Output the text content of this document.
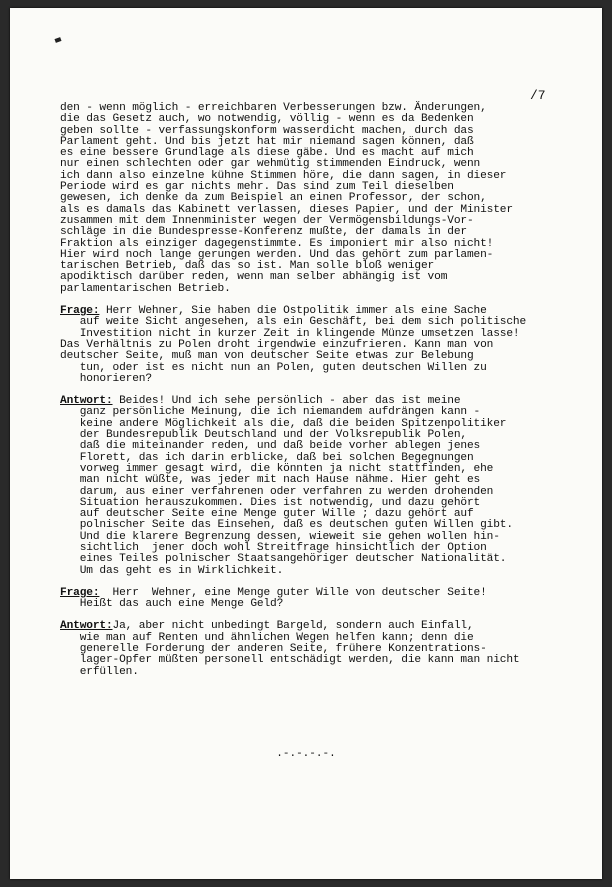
/7
den - wenn möglich - erreichbaren Verbesserungen bzw. Änderungen,
die das Gesetz auch, wo notwendig, völlig - wenn es da Bedenken
geben sollte - verfassungskonform wasserdicht machen, durch das
Parlament geht. Und bis jetzt hat mir niemand sagen können, daß
es eine bessere Grundlage als diese gäbe. Und es macht auf mich
nur einen schlechten oder gar wehmütig stimmenden Eindruck, wenn
ich dann also einzelne kühne Stimmen höre, die dann sagen, in dieser
Periode wird es gar nichts mehr. Das sind zum Teil dieselben
gewesen, ich denke da zum Beispiel an einen Professor, der schon,
als es damals das Kabinett verlassen, dieses Papier, und der Minister
zusammen mit dem Innenminister wegen der Vermögensbildungs-Vor-
schläge in die Bundespresse-Konferenz mußte, der damals in der
Fraktion als einziger dagegenstimmte. Es imponiert mir also nicht!
Hier wird noch lange gerungen werden. Und das gehört zum parlamen-
tarischen Betrieb, daß das so ist. Man solle bloß weniger
apodiktisch darüber reden, wenn man selber abhängig ist vom
parlamentarischen Betrieb.
Frage: Herr Wehner, Sie haben die Ostpolitik immer als eine Sache
auf weite Sicht angesehen, als ein Geschäft, bei dem sich politische
Investition nicht in kurzer Zeit in klingende Münze umsetzen lasse!
Das Verhältnis zu Polen droht irgendwie einzufrieren. Kann man von
deutscher Seite, muß man von deutscher Seite etwas zur Belebung
tun, oder ist es nicht nun an Polen, guten deutschen Willen zu
honorieren?
Antwort: Beides! Und ich sehe persönlich - aber das ist meine
ganz persönliche Meinung, die ich niemandem aufdrängen kann -
keine andere Möglichkeit als die, daß die beiden Spitzenpolitiker
der Bundesrepublik Deutschland und der Volksrepublik Polen,
daß die miteinander reden, und daß beide vorher ablegen jenes
Florett, das ich darin erblicke, daß bei solchen Begegnungen
vorweg immer gesagt wird, die könnten ja nicht stattfinden, ehe
man nicht wüßte, was jeder mit nach Hause nähme. Hier geht es
darum, aus einer verfahrenen oder verfahren zu werden drohenden
Situation herauszukommen. Dies ist notwendig, und dazu gehört
auf deutscher Seite eine Menge guter Wille ; dazu gehört auf
polnischer Seite das Einsehen, daß es deutschen guten Willen gibt.
Und die klarere Begrenzung dessen, wieweit sie gehen wollen hin-
sichtlich  jener doch wohl Streitfrage hinsichtlich der Option
eines Teiles polnischer Staatsangehöriger deutscher Nationalität.
Um das geht es in Wirklichkeit.
Frage:  Herr  Wehner, eine Menge guter Wille von deutscher Seite!
Heißt das auch eine Menge Geld?
Antwort:Ja, aber nicht unbedingt Bargeld, sondern auch Einfall,
wie man auf Renten und ähnlichen Wegen helfen kann; denn die
generelle Forderung der anderen Seite, frühere Konzentrations-
lager-Opfer müßten personell entschädigt werden, die kann man nicht
erfüllen.
.-.-.-.-.
